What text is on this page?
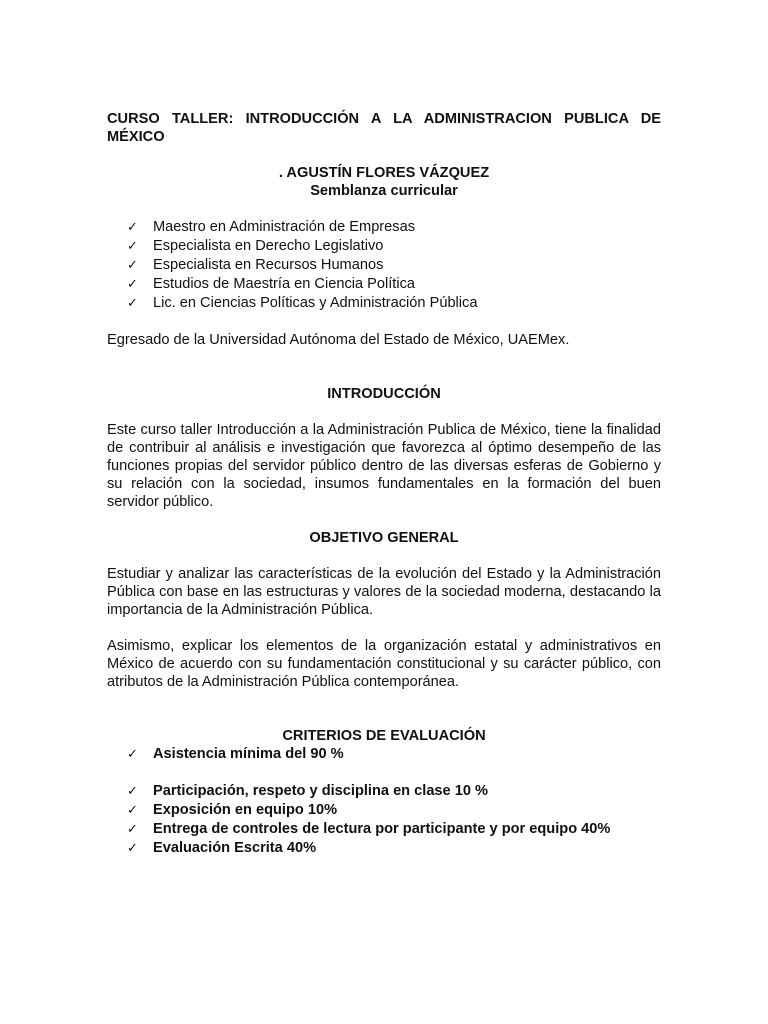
CURSO TALLER: INTRODUCCIÓN A LA ADMINISTRACION PUBLICA DE MÉXICO

. AGUSTÍN FLORES VÁZQUEZ

Semblanza curricular

✓	Maestro en Administración de Empresas
✓	Especialista en Derecho Legislativo
✓	Especialista en Recursos Humanos
✓	Estudios de Maestría en Ciencia Política
✓	Lic. en Ciencias Políticas y Administración Pública

Egresado de la Universidad Autónoma del Estado de México, UAEMex.

INTRODUCCIÓN

Este curso taller Introducción a la Administración Publica de México, tiene la finalidad de contribuir al análisis e investigación que favorezca al óptimo desempeño de las funciones propias del servidor público dentro de las diversas esferas de Gobierno y su relación con la sociedad, insumos fundamentales en la formación del buen servidor público.

OBJETIVO GENERAL

Estudiar y analizar las características de la evolución del Estado y la Administración Pública con base en las estructuras y valores de la sociedad moderna, destacando la importancia de la Administración Pública.

Asimismo, explicar los elementos de la organización estatal y administrativos en México de acuerdo con su fundamentación constitucional y su carácter público, con atributos de la Administración Pública contemporánea.

CRITERIOS DE EVALUACIÓN

✓	Asistencia mínima del 90 %
✓	Participación, respeto y disciplina en clase 10 %
✓	Exposición en equipo 10%
✓	Entrega de controles de lectura por participante y por equipo 40%
✓	Evaluación Escrita 40%
